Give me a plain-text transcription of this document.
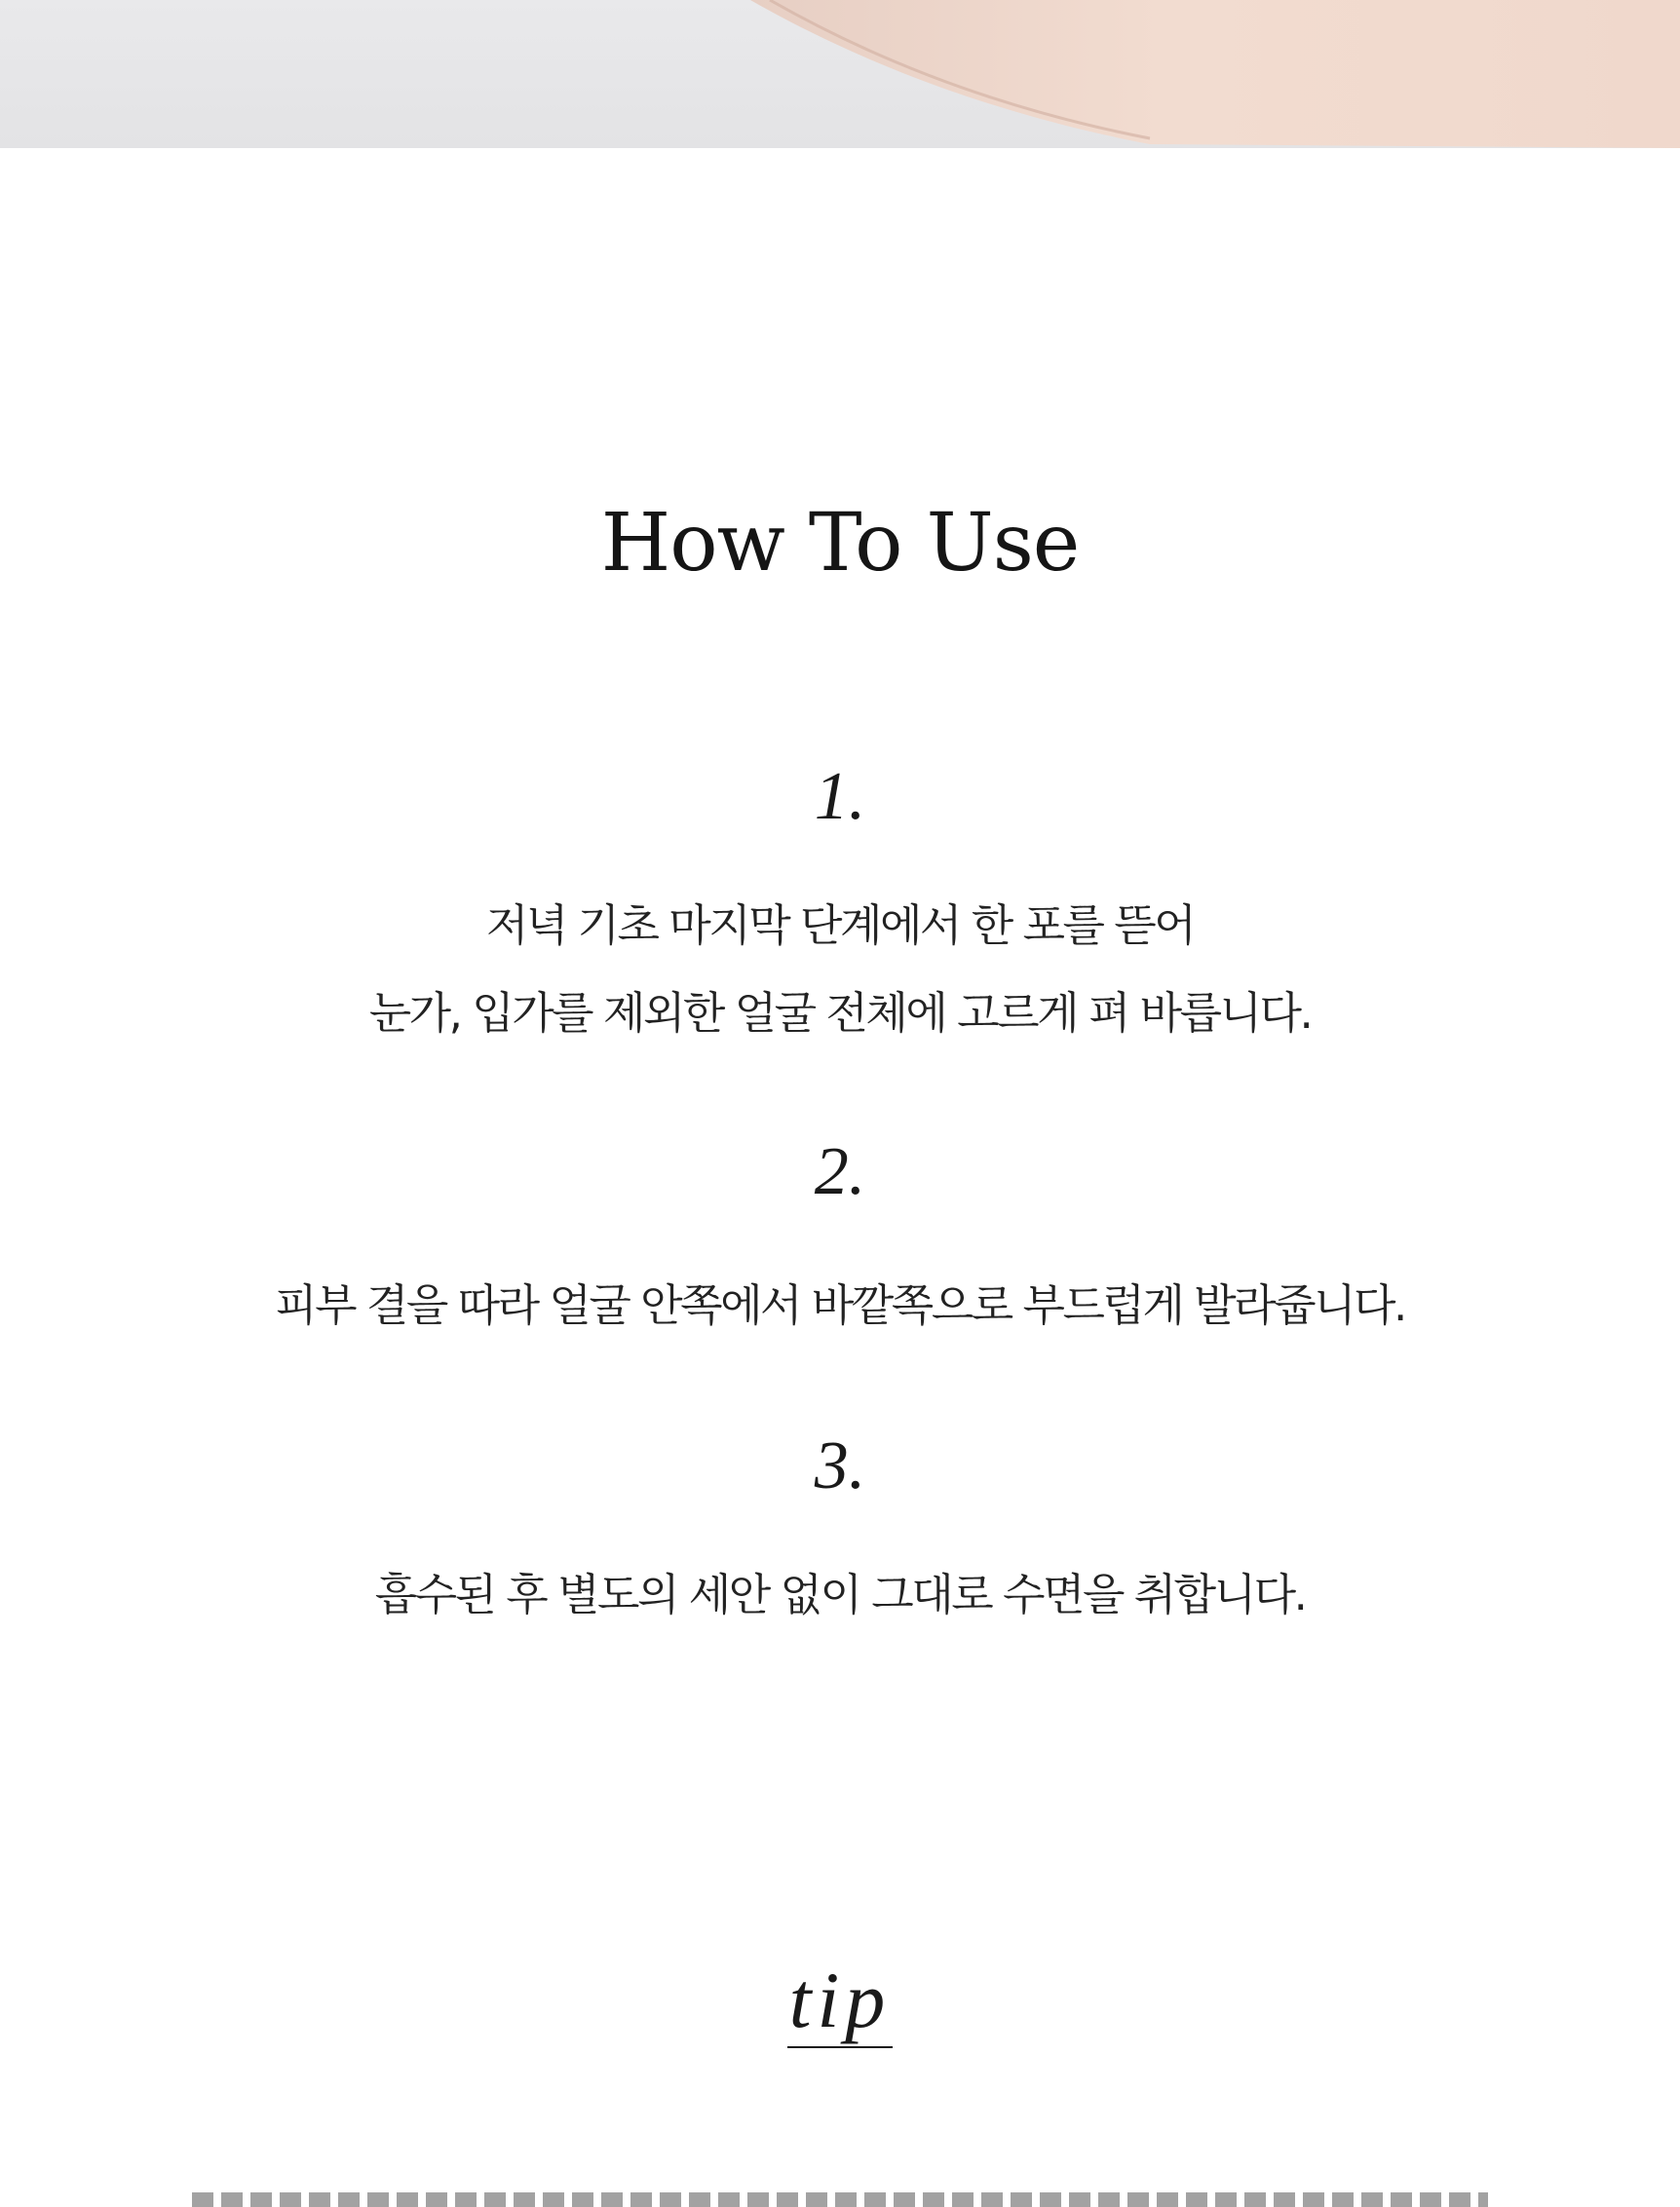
How To Use
1.
저녁 기초 마지막 단계에서 한 포를 뜯어
눈가, 입가를 제외한 얼굴 전체에 고르게 펴 바릅니다.
2.
피부 결을 따라 얼굴 안쪽에서 바깥쪽으로 부드럽게 발라줍니다.
3.
흡수된 후 별도의 세안 없이 그대로 수면을 취합니다.
tip
